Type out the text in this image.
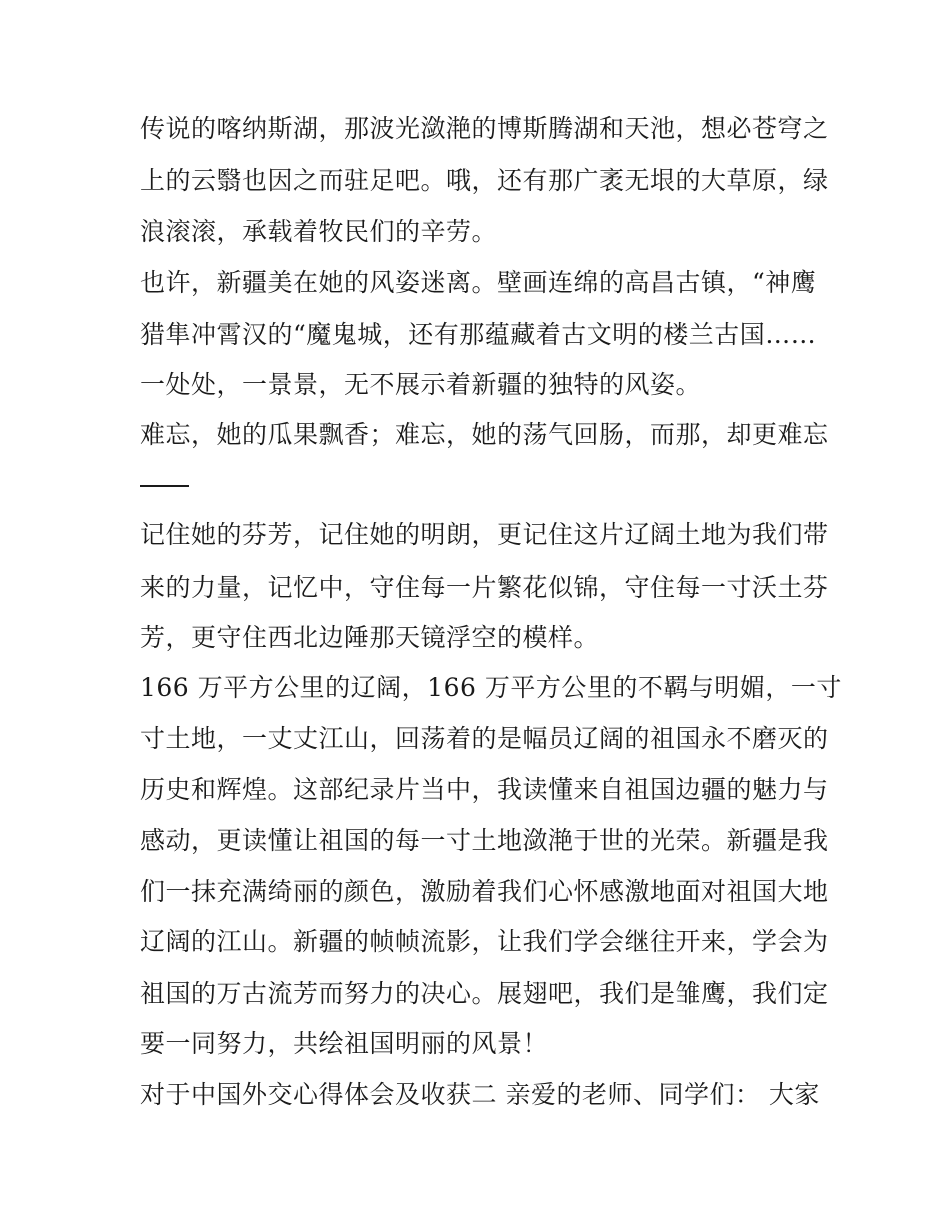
传说的喀纳斯湖，那波光潋滟的博斯腾湖和天池，想必苍穹之
上的云翳也因之而驻足吧。哦，还有那广袤无垠的大草原，绿
浪滚滚，承载着牧民们的辛劳。
也许，新疆美在她的风姿迷离。壁画连绵的高昌古镇，“神鹰
猎隼冲霄汉的“魔鬼城，还有那蕴藏着古文明的楼兰古国……
一处处，一景景，无不展示着新疆的独特的风姿。
难忘，她的瓜果飘香；难忘，她的荡气回肠，而那，却更难忘
记住她的芬芳，记住她的明朗，更记住这片辽阔土地为我们带
来的力量，记忆中，守住每一片繁花似锦，守住每一寸沃土芬
芳，更守住西北边陲那天镜浮空的模样。
166 万平方公里的辽阔，166 万平方公里的不羁与明媚，一寸
寸土地，一丈丈江山，回荡着的是幅员辽阔的祖国永不磨灭的
历史和辉煌。这部纪录片当中，我读懂来自祖国边疆的魅力与
感动，更读懂让祖国的每一寸土地潋滟于世的光荣。新疆是我
们一抹充满绮丽的颜色，激励着我们心怀感激地面对祖国大地
辽阔的江山。新疆的帧帧流影，让我们学会继往开来，学会为
祖国的万古流芳而努力的决心。展翅吧，我们是雏鹰，我们定
要一同努力，共绘祖国明丽的风景！
对于中国外交心得体会及收获二 亲爱的老师、同学们： 大家
